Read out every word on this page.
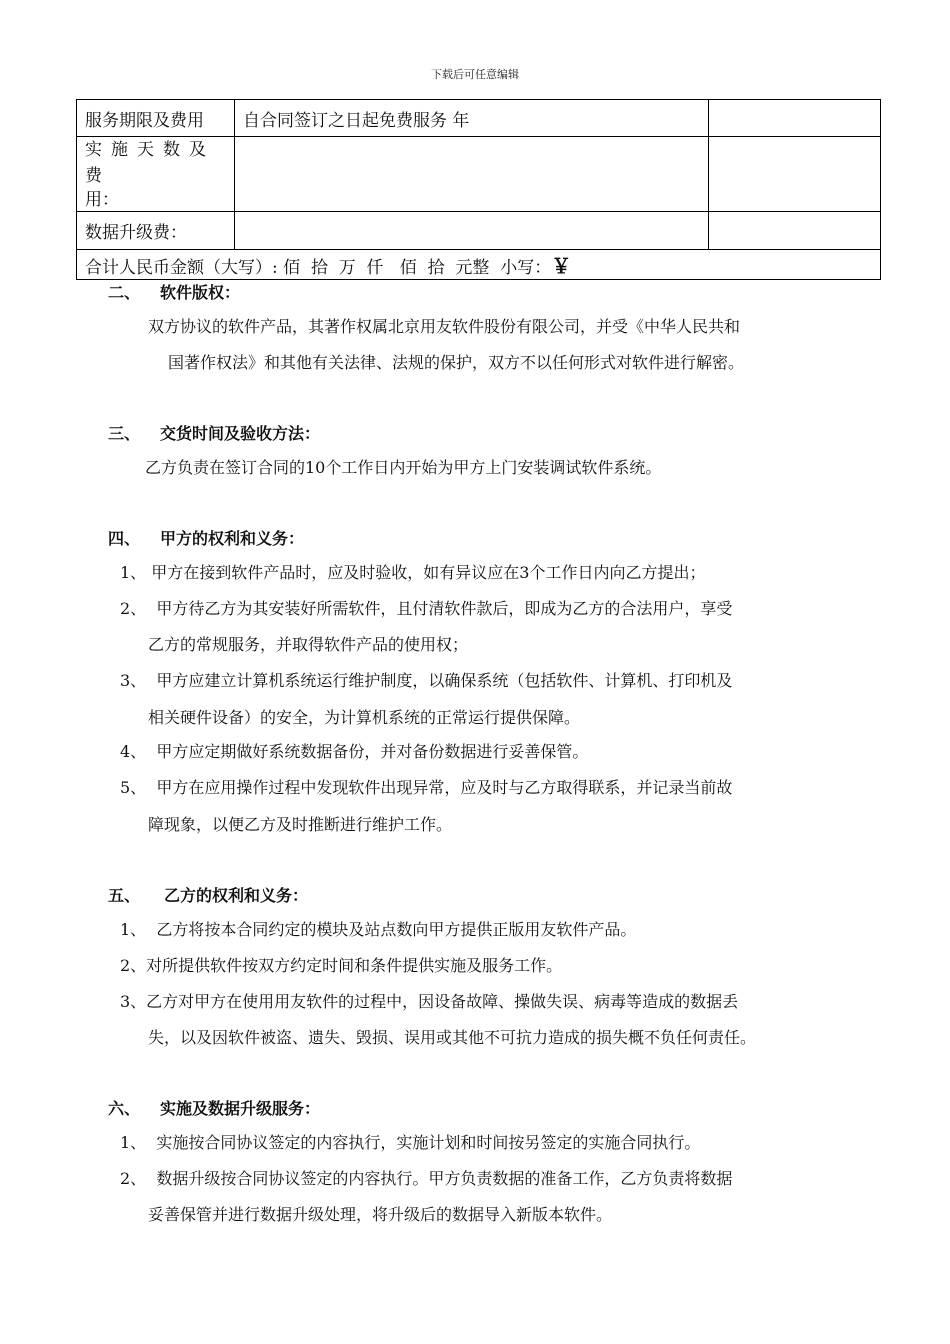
下载后可任意编辑
服务期限及费用	自合同签订之日起免费服务 年	

实施天数及费
用：		

数据升级费：		
合计人民币金额（大写）: 佰  拾  万  仟   佰  拾  元整  小写：￥		
二、 软件版权：
双方协议的软件产品，其著作权属北京用友软件股份有限公司，并受《中华人民共和
国著作权法》和其他有关法律、法规的保护，双方不以任何形式对软件进行解密。
三、 交货时间及验收方法：
乙方负责在签订合同的10个工作日内开始为甲方上门安装调试软件系统。
四、 甲方的权利和义务：
1、 甲方在接到软件产品时，应及时验收，如有异议应在3个工作日内向乙方提出；
2、  甲方待乙方为其安装好所需软件，且付清软件款后，即成为乙方的合法用户，享受
乙方的常规服务，并取得软件产品的使用权；
3、  甲方应建立计算机系统运行维护制度，以确保系统（包括软件、计算机、打印机及
相关硬件设备）的安全，为计算机系统的正常运行提供保障。
4、  甲方应定期做好系统数据备份，并对备份数据进行妥善保管。
5、  甲方在应用操作过程中发现软件出现异常，应及时与乙方取得联系，并记录当前故
障现象，以便乙方及时推断进行维护工作。
五、 乙方的权利和义务：
1、  乙方将按本合同约定的模块及站点数向甲方提供正版用友软件产品。
2、对所提供软件按双方约定时间和条件提供实施及服务工作。
3、乙方对甲方在使用用友软件的过程中，因设备故障、操做失误、病毒等造成的数据丢
失，以及因软件被盗、遗失、毁损、误用或其他不可抗力造成的损失概不负任何责任。
六、 实施及数据升级服务：
1、  实施按合同协议签定的内容执行，实施计划和时间按另签定的实施合同执行。
2、  数据升级按合同协议签定的内容执行。甲方负责数据的准备工作，乙方负责将数据
妥善保管并进行数据升级处理，将升级后的数据导入新版本软件。
